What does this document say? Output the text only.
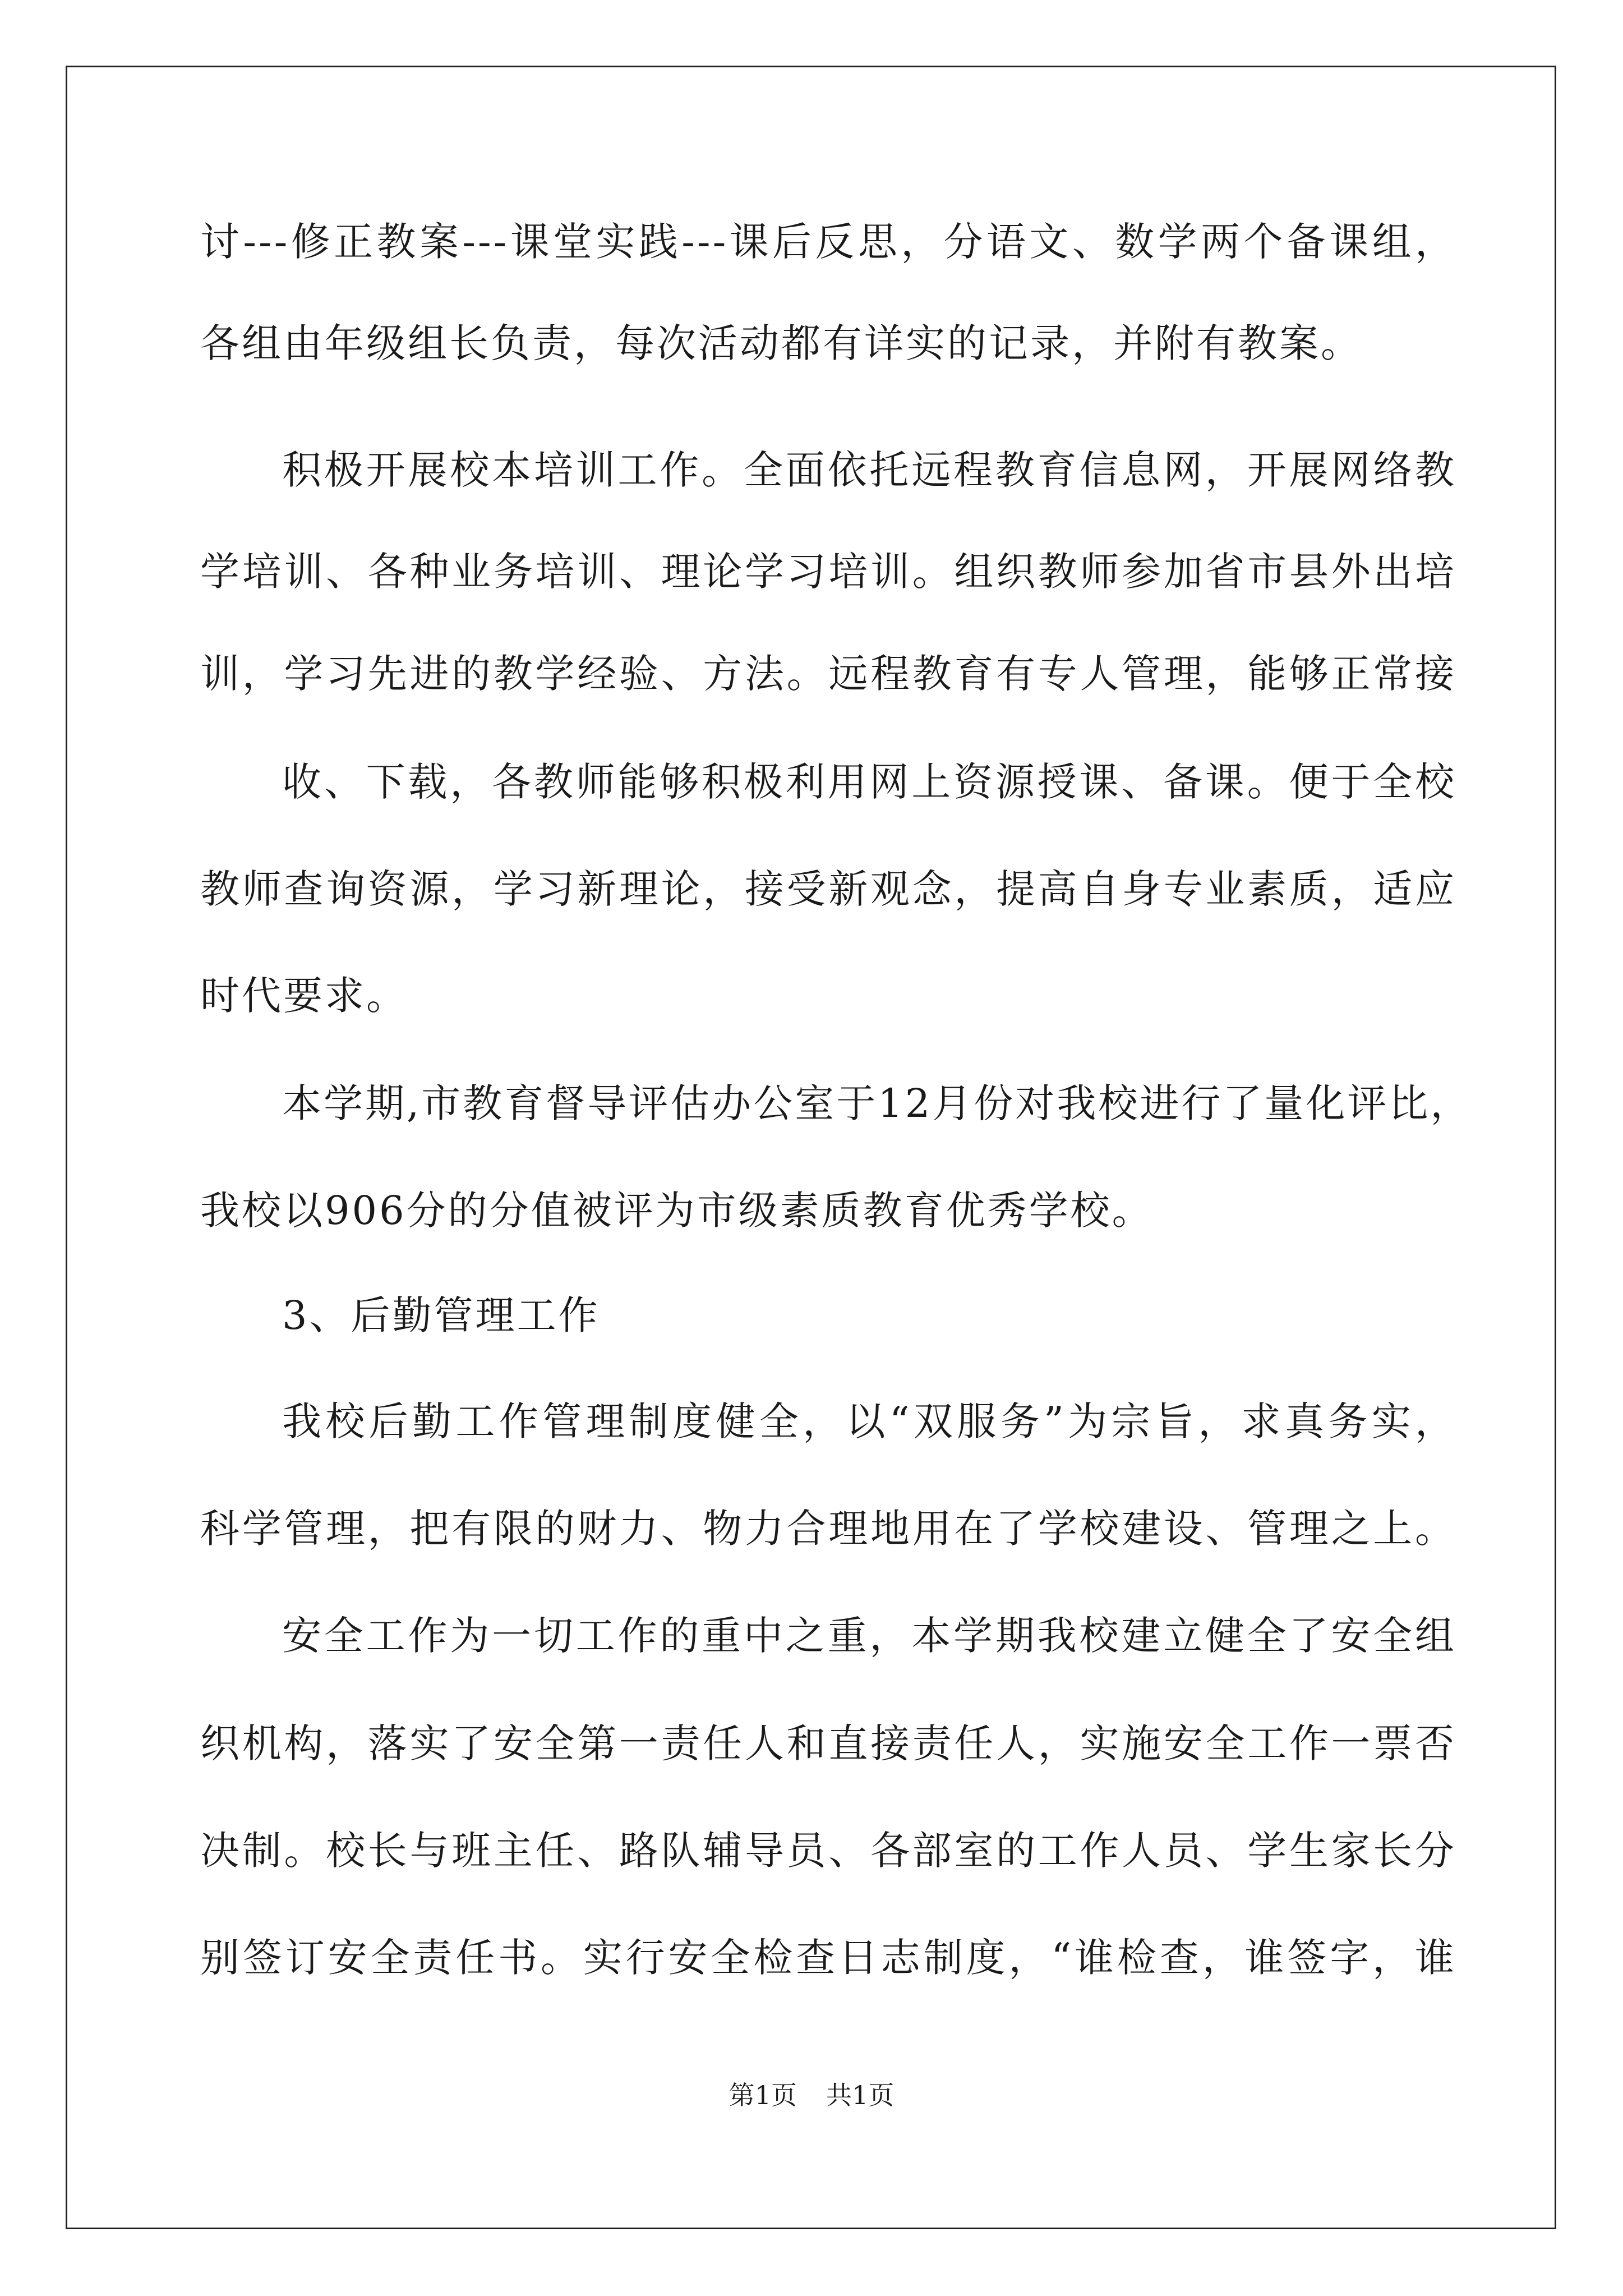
讨---修正教案---课堂实践---课后反思，分语文、数学两个备课组，
各组由年级组长负责，每次活动都有详实的记录，并附有教案。
积极开展校本培训工作。全面依托远程教育信息网，开展网络教
学培训、各种业务培训、理论学习培训。组织教师参加省市县外出培
训，学习先进的教学经验、方法。远程教育有专人管理，能够正常接
收、下载，各教师能够积极利用网上资源授课、备课。便于全校
教师查询资源，学习新理论，接受新观念，提高自身专业素质，适应
时代要求。
本学期,市教育督导评估办公室于12月份对我校进行了量化评比，
我校以906分的分值被评为市级素质教育优秀学校。
3、后勤管理工作
我校后勤工作管理制度健全，以“双服务”为宗旨，求真务实，
科学管理，把有限的财力、物力合理地用在了学校建设、管理之上。
安全工作为一切工作的重中之重，本学期我校建立健全了安全组
织机构，落实了安全第一责任人和直接责任人，实施安全工作一票否
决制。校长与班主任、路队辅导员、各部室的工作人员、学生家长分
别签订安全责任书。实行安全检查日志制度，“谁检查，谁签字，谁
第1页 共1页
